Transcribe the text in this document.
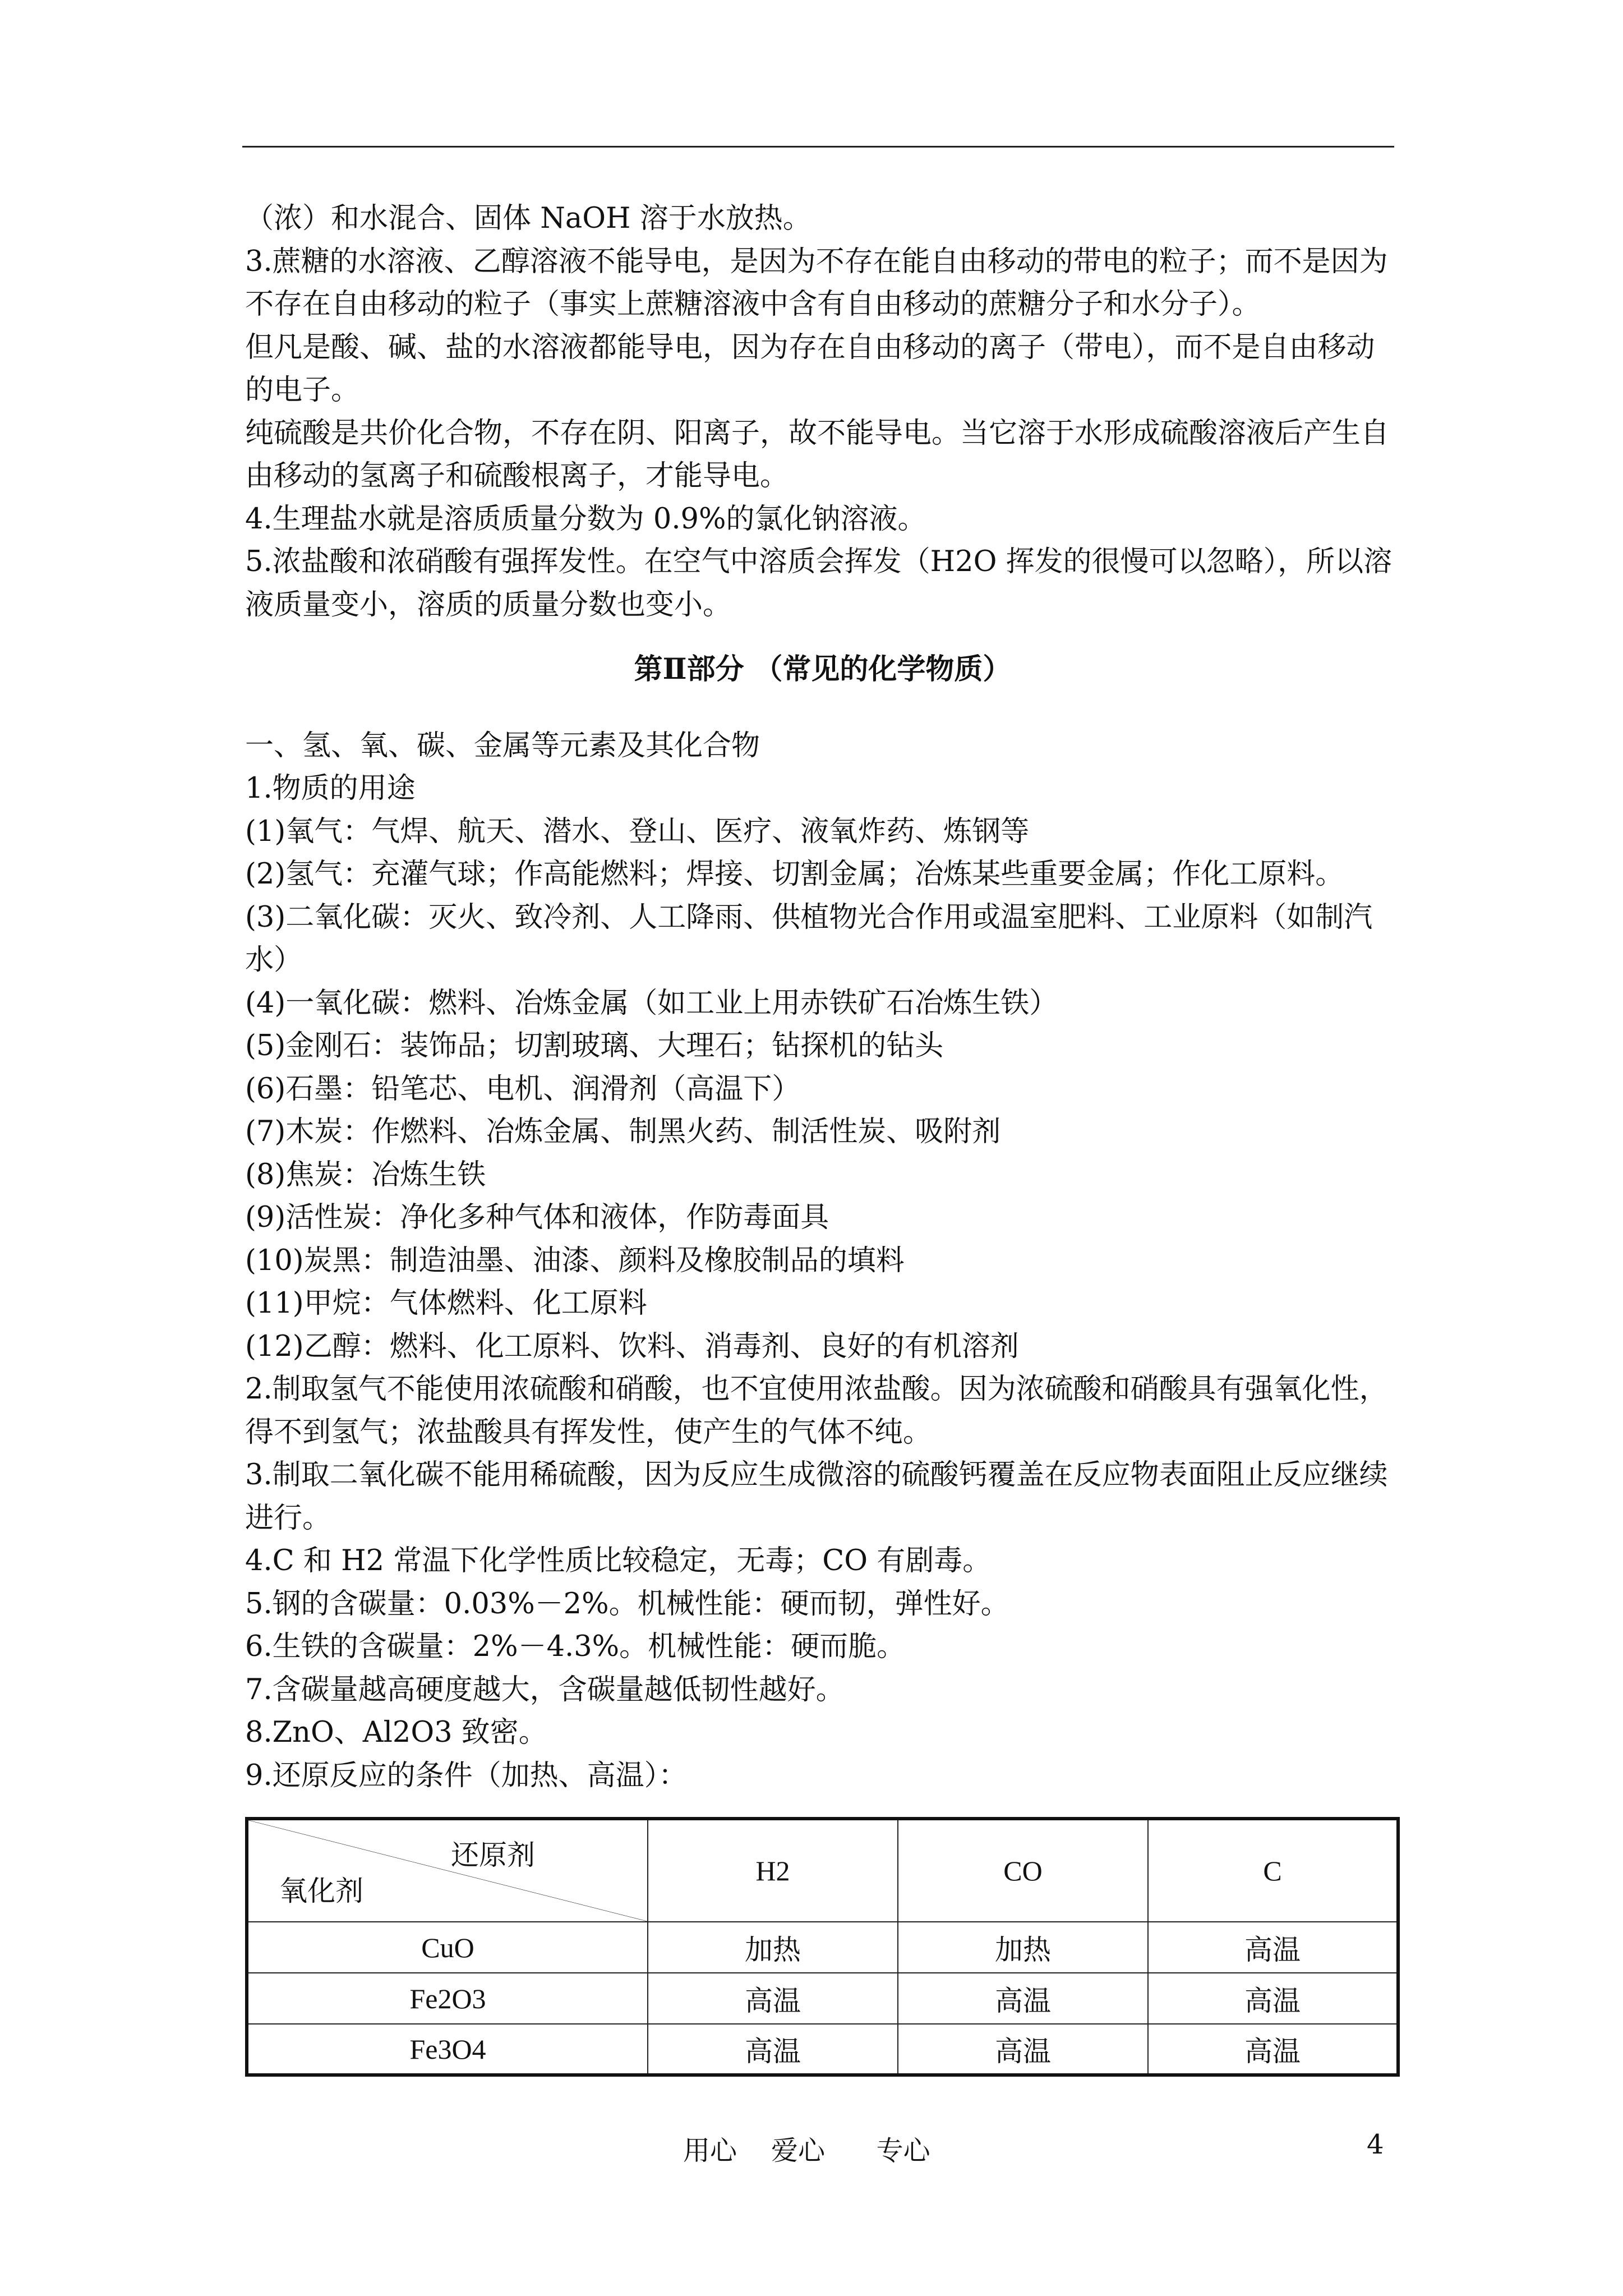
（浓）和水混合、固体 NaOH 溶于水放热。

3.蔗糖的水溶液、乙醇溶液不能导电，是因为不存在能自由移动的带电的粒子；而不是因为不存在自由移动的粒子（事实上蔗糖溶液中含有自由移动的蔗糖分子和水分子）。

但凡是酸、碱、盐的水溶液都能导电，因为存在自由移动的离子（带电），而不是自由移动的电子。

纯硫酸是共价化合物，不存在阴、阳离子，故不能导电。当它溶于水形成硫酸溶液后产生自由移动的氢离子和硫酸根离子，才能导电。

4.生理盐水就是溶质质量分数为 0.9%的氯化钠溶液。

5.浓盐酸和浓硝酸有强挥发性。在空气中溶质会挥发（H2O 挥发的很慢可以忽略），所以溶液质量变小，溶质的质量分数也变小。

第Ⅱ部分 （常见的化学物质）

一、氢、氧、碳、金属等元素及其化合物

1.物质的用途

(1)氧气：气焊、航天、潜水、登山、医疗、液氧炸药、炼钢等

(2)氢气：充灌气球；作高能燃料；焊接、切割金属；冶炼某些重要金属；作化工原料。

(3)二氧化碳：灭火、致冷剂、人工降雨、供植物光合作用或温室肥料、工业原料（如制汽水）

(4)一氧化碳：燃料、冶炼金属（如工业上用赤铁矿石冶炼生铁）

(5)金刚石：装饰品；切割玻璃、大理石；钻探机的钻头

(6)石墨：铅笔芯、电机、润滑剂（高温下）

(7)木炭：作燃料、冶炼金属、制黑火药、制活性炭、吸附剂

(8)焦炭：冶炼生铁

(9)活性炭：净化多种气体和液体，作防毒面具

(10)炭黑：制造油墨、油漆、颜料及橡胶制品的填料

(11)甲烷：气体燃料、化工原料

(12)乙醇：燃料、化工原料、饮料、消毒剂、良好的有机溶剂

2.制取氢气不能使用浓硫酸和硝酸，也不宜使用浓盐酸。因为浓硫酸和硝酸具有强氧化性，得不到氢气；浓盐酸具有挥发性，使产生的气体不纯。

3.制取二氧化碳不能用稀硫酸，因为反应生成微溶的硫酸钙覆盖在反应物表面阻止反应继续进行。

4.C 和 H2 常温下化学性质比较稳定，无毒；CO 有剧毒。

5.钢的含碳量：0.03%－2%。机械性能：硬而韧，弹性好。

6.生铁的含碳量：2%－4.3%。机械性能：硬而脆。

7.含碳量越高硬度越大，含碳量越低韧性越好。

8.ZnO、Al2O3 致密。

9.还原反应的条件（加热、高温）：

还原剂
氧化剂	H2	CO	C
CuO	加热	加热	高温
Fe2O3	高温	高温	高温
Fe3O4	高温	高温	高温
用心    爱心      专心	4
